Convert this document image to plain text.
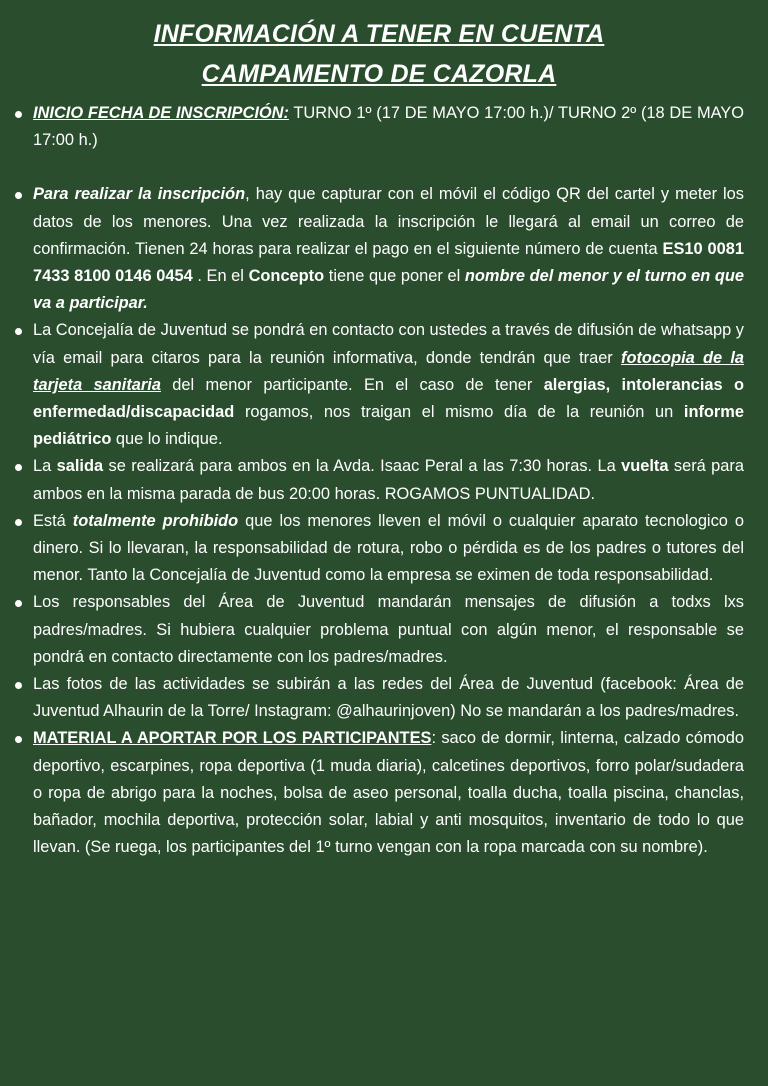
INFORMACIÓN A TENER EN CUENTA
CAMPAMENTO DE CAZORLA
INICIO FECHA DE INSCRIPCIÓN: TURNO 1º (17 DE MAYO 17:00 h.)/ TURNO 2º (18 DE MAYO 17:00 h.)
Para realizar la inscripción, hay que capturar con el móvil el código QR del cartel y meter los datos de los menores. Una vez realizada la inscripción le llegará al email un correo de confirmación. Tienen 24 horas para realizar el pago en el siguiente número de cuenta ES10 0081 7433 8100 0146 0454 . En el Concepto tiene que poner el nombre del menor y el turno en que va a participar.
La Concejalía de Juventud se pondrá en contacto con ustedes a través de difusión de whatsapp y vía email para citaros para la reunión informativa, donde tendrán que traer fotocopia de la tarjeta sanitaria del menor participante. En el caso de tener alergias, intolerancias o enfermedad/discapacidad rogamos, nos traigan el mismo día de la reunión un informe pediátrico que lo indique.
La salida se realizará para ambos en la Avda. Isaac Peral a las 7:30 horas. La vuelta será para ambos en la misma parada de bus 20:00 horas. ROGAMOS PUNTUALIDAD.
Está totalmente prohibido que los menores lleven el móvil o cualquier aparato tecnologico o dinero. Si lo llevaran, la responsabilidad de rotura, robo o pérdida es de los padres o tutores del menor. Tanto la Concejalía de Juventud como la empresa se eximen de toda responsabilidad.
Los responsables del Área de Juventud mandarán mensajes de difusión a todxs lxs padres/madres. Si hubiera cualquier problema puntual con algún menor, el responsable se pondrá en contacto directamente con los padres/madres.
Las fotos de las actividades se subirán a las redes del Área de Juventud (facebook: Área de Juventud Alhaurin de la Torre/ Instagram: @alhaurinjoven) No se mandarán a los padres/madres.
MATERIAL A APORTAR POR LOS PARTICIPANTES: saco de dormir, linterna, calzado cómodo deportivo, escarpines, ropa deportiva (1 muda diaria), calcetines deportivos, forro polar/sudadera o ropa de abrigo para la noches, bolsa de aseo personal, toalla ducha, toalla piscina, chanclas, bañador, mochila deportiva, protección solar, labial y anti mosquitos, inventario de todo lo que llevan. (Se ruega, los participantes del 1º turno vengan con la ropa marcada con su nombre).
